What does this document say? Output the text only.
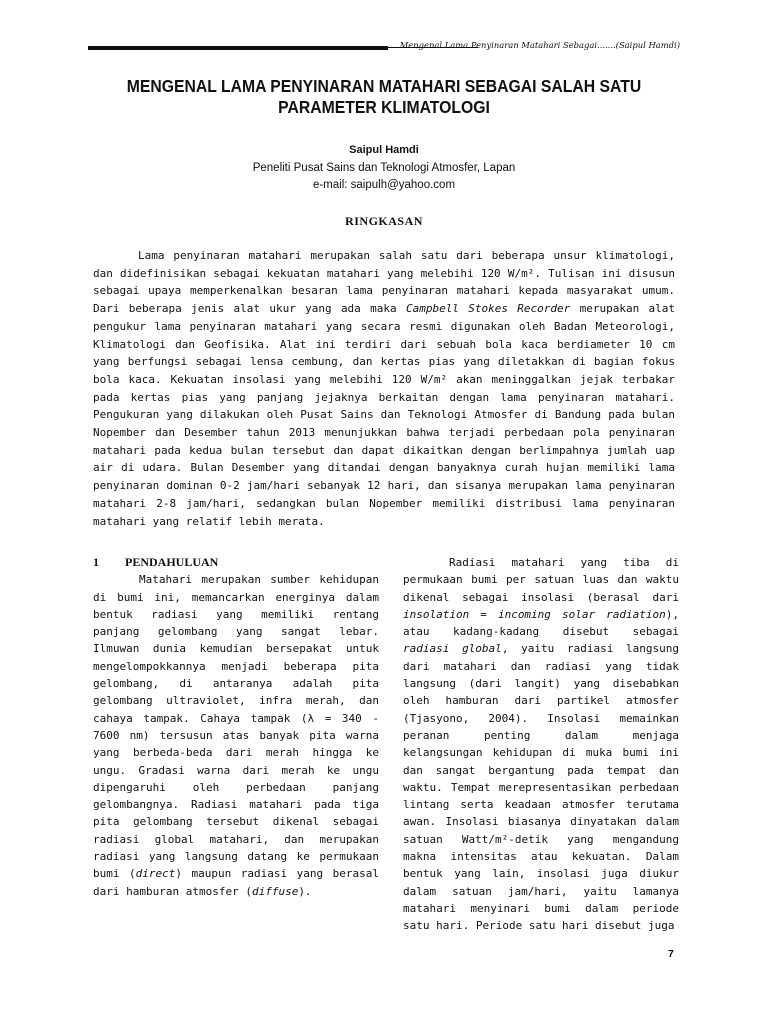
Mengenal Lama Penyinaran Matahari Sebagai.......(Saipul Hamdi)
MENGENAL LAMA PENYINARAN MATAHARI SEBAGAI SALAH SATU PARAMETER KLIMATOLOGI
Saipul Hamdi
Peneliti Pusat Sains dan Teknologi Atmosfer, Lapan
e-mail: saipulh@yahoo.com
RINGKASAN

Lama penyinaran matahari merupakan salah satu dari beberapa unsur klimatologi, dan didefinisikan sebagai kekuatan matahari yang melebihi 120 W/m². Tulisan ini disusun sebagai upaya memperkenalkan besaran lama penyinaran matahari kepada masyarakat umum. Dari beberapa jenis alat ukur yang ada maka Campbell Stokes Recorder merupakan alat pengukur lama penyinaran matahari yang secara resmi digunakan oleh Badan Meteorologi, Klimatologi dan Geofisika. Alat ini terdiri dari sebuah bola kaca berdiameter 10 cm yang berfungsi sebagai lensa cembung, dan kertas pias yang diletakkan di bagian fokus bola kaca. Kekuatan insolasi yang melebihi 120 W/m² akan meninggalkan jejak terbakar pada kertas pias yang panjang jejaknya berkaitan dengan lama penyinaran matahari. Pengukuran yang dilakukan oleh Pusat Sains dan Teknologi Atmosfer di Bandung pada bulan Nopember dan Desember tahun 2013 menunjukkan bahwa terjadi perbedaan pola penyinaran matahari pada kedua bulan tersebut dan dapat dikaitkan dengan berlimpahnya jumlah uap air di udara. Bulan Desember yang ditandai dengan banyaknya curah hujan memiliki lama penyinaran dominan 0-2 jam/hari sebanyak 12 hari, dan sisanya merupakan lama penyinaran matahari 2-8 jam/hari, sedangkan bulan Nopember memiliki distribusi lama penyinaran matahari yang relatif lebih merata.

1 PENDAHULUAN

Matahari merupakan sumber kehidupan di bumi ini, memancarkan energinya dalam bentuk radiasi yang memiliki rentang panjang gelombang yang sangat lebar. Ilmuwan dunia kemudian bersepakat untuk mengelompokkannya menjadi beberapa pita gelombang, di antaranya adalah pita gelombang ultraviolet, infra merah, dan cahaya tampak. Cahaya tampak (λ = 340 - 7600 nm) tersusun atas banyak pita warna yang berbeda-beda dari merah hingga ke ungu. Gradasi warna dari merah ke ungu dipengaruhi oleh perbedaan panjang gelombangnya. Radiasi matahari pada tiga pita gelombang tersebut dikenal sebagai radiasi global matahari, dan merupakan radiasi yang langsung datang ke permukaan bumi (direct) maupun radiasi yang berasal dari hamburan atmosfer (diffuse).

Radiasi matahari yang tiba di permukaan bumi per satuan luas dan waktu dikenal sebagai insolasi (berasal dari insolation = incoming solar radiation), atau kadang-kadang disebut sebagai radiasi global, yaitu radiasi langsung dari matahari dan radiasi yang tidak langsung (dari langit) yang disebabkan oleh hamburan dari partikel atmosfer (Tjasyono, 2004). Insolasi memainkan peranan penting dalam menjaga kelangsungan kehidupan di muka bumi ini dan sangat bergantung pada tempat dan waktu. Tempat merepresentasikan perbedaan lintang serta keadaan atmosfer terutama awan. Insolasi biasanya dinyatakan dalam satuan Watt/m²-detik yang mengandung makna intensitas atau kekuatan. Dalam bentuk yang lain, insolasi juga diukur dalam satuan jam/hari, yaitu lamanya matahari menyinari bumi dalam periode satu hari. Periode satu hari disebut juga

7
